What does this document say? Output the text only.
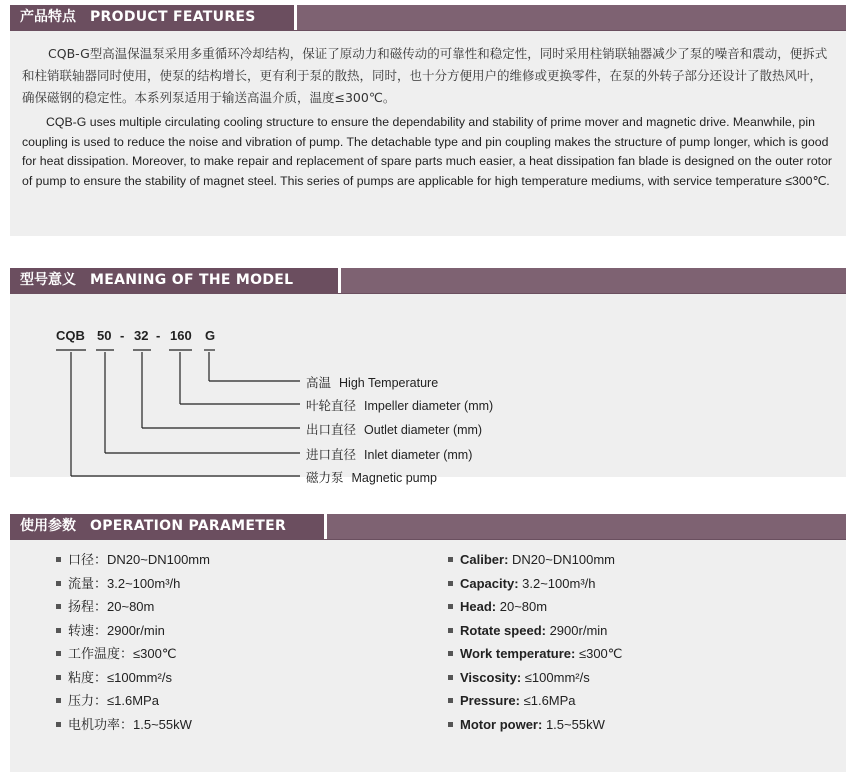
产品特点 PRODUCT FEATURES

CQB-G型高温保温泵采用多重循环冷却结构，保证了原动力和磁传动的可靠性和稳定性，同时采用柱销联轴器减少了泵的噪音和震动，便拆式和柱销联轴器同时使用，使泵的结构增长，更有利于泵的散热，同时，也十分方便用户的维修或更换零件，在泵的外转子部分还设计了散热风叶，确保磁钢的稳定性。本系列泵适用于输送高温介质，温度≤300℃。

CQB-G uses multiple circulating cooling structure to ensure the dependability and stability of prime mover and magnetic drive. Meanwhile, pin coupling is used to reduce the noise and vibration of pump. The detachable type and pin coupling makes the structure of pump longer, which is good for heat dissipation. Moreover, to make repair and replacement of spare parts much easier, a heat dissipation fan blade is designed on the outer rotor of pump to ensure the stability of magnet steel. This series of pumps are applicable for high temperature mediums, with service temperature ≤300℃.

型号意义 MEANING OF THE MODEL
CQB 50 - 32 - 160 G
高温 High Temperature
叶轮直径 Impeller diameter (mm)
出口直径 Outlet diameter (mm)
进口直径 Inlet diameter (mm)
磁力泵 Magnetic pump
使用参数 OPERATION PARAMETER
口径：DN20~DN100mm
流量：3.2~100m³/h
扬程：20~80m
转速：2900r/min
工作温度：≤300℃
粘度：≤100mm²/s
压力：≤1.6MPa
电机功率：1.5~55kW
Caliber: DN20~DN100mm
Capacity: 3.2~100m³/h
Head: 20~80m
Rotate speed: 2900r/min
Work temperature: ≤300℃
Viscosity: ≤100mm²/s
Pressure: ≤1.6MPa
Motor power: 1.5~55kW
